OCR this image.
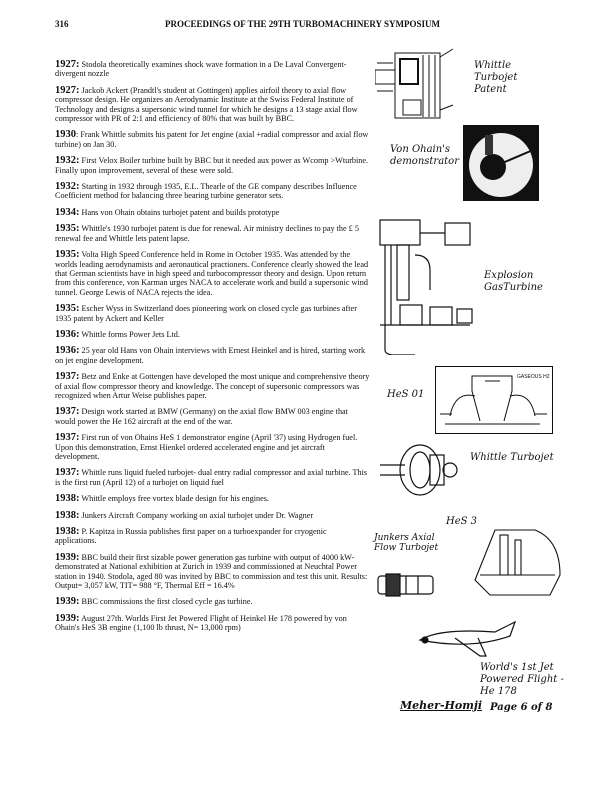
316	PROCEEDINGS OF THE 29TH TURBOMACHINERY SYMPOSIUM
1927: Stodola theoretically examines shock wave formation in a De Laval Convergent- divergent nozzle
1927: Jackob Ackert (Prandtl's student at Gottingen) applies airfoil theory to axial flow compressor design. He organizes an Aerodynamic Institute at the Swiss Federal Institute of Technology and designs a supersonic wind tunnel for which he designs a 13 stage axial flow compressor with PR of 2:1 and efficiency of 80% that was built by BBC.
1930: Frank Whittle submits his patent for Jet engine (axial +radial compressor and axial flow turbine) on Jan 30.
1932: First Velox Boiler turbine built by BBC but it needed aux power as Wcomp >Wturbine. Finally upon improvement, several of these were sold.
1932: Starting in 1932 through 1935, E.L. Thearle of the GE company describes Influence Coefficient method for balancing three bearing turbine generator sets.
1934: Hans von Ohain obtains turbojet patent and builds prototype
1935: Whittle's 1930 turbojet patent is due for renewal. Air ministry declines to pay the £ 5 renewal fee and Whittle lets patent lapse.
1935: Volta High Speed Conference held in Rome in October 1935. Was attended by the worlds leading aerodynamists and aeronautical practioners. Conference clearly showed the lead that German scientists have in high speed and turbocompressor theory and design. Upon return from this conference, von Karman urges NACA to accelerate work and build a supersonic wind tunnel. George Lewis of NACA rejects the idea.
1935: Escher Wyss in Switzerland does pioneering work on closed cycle gas turbines after 1935 patent by Ackert and Keller
1936: Whittle forms Power Jets Ltd.
1936: 25 year old Hans von Ohain interviews with Ernest Heinkel and is hired, starting work on jet engine development.
1937: Betz and Enke at Gottengen have developed the most unique and comprehensive theory of axial flow compressor theory and knowledge. The concept of supersonic compressors was recognized when Artur Weise publishes paper.
1937: Design work started at BMW (Germany) on the axial flow BMW 003 engine that would power the He 162 aircraft at the end of the war.
1937: First run of von Ohains HeS 1 demonstrator engine (April '37) using Hydrogen fuel. Upon this demonstration, Ernst Hienkel ordered accelerated engine and jet aircraft development.
1937: Whittle runs liquid fueled turbojet- dual entry radial compressor and axial turbine. This is the first run (April 12) of a turbojet on liquid fuel
1938: Whittle employs free vortex blade design for his engines.
1938: Junkers Aircraft Company working on axial turbojet under Dr. Wagner
1938: P. Kapitza in Russia publishes first paper on a turboexpander for cryogenic applications.
1939: BBC build their first sizable power generation gas turbine with output of 4000 kW- demonstrated at National exhibition at Zurich in 1939 and commissioned at Neuchtal Power station in 1940. Stodola, aged 80 was invited by BBC to commission and test this unit. Results: Output= 3,057 kW, TIT= 988 °F, Thermal Eff = 16.4%
1939: BBC commissions the first closed cycle gas turbine.
1939: August 27th. Worlds First Jet Powered Flight of Heinkel He 178 powered by von Ohain's HeS 3B engine (1,100 lb thrust, N= 13,000 rpm)
Whittle Turbojet Patent
Von Ohain's demonstrator
Explosion GasTurbine
HeS 01
GASEOUS H2
Whittle Turbojet
HeS 3
Junkers Axial Flow Turbojet
World's 1st Jet Powered Flight - He 178
Meher-Homji Page 6 of 8
